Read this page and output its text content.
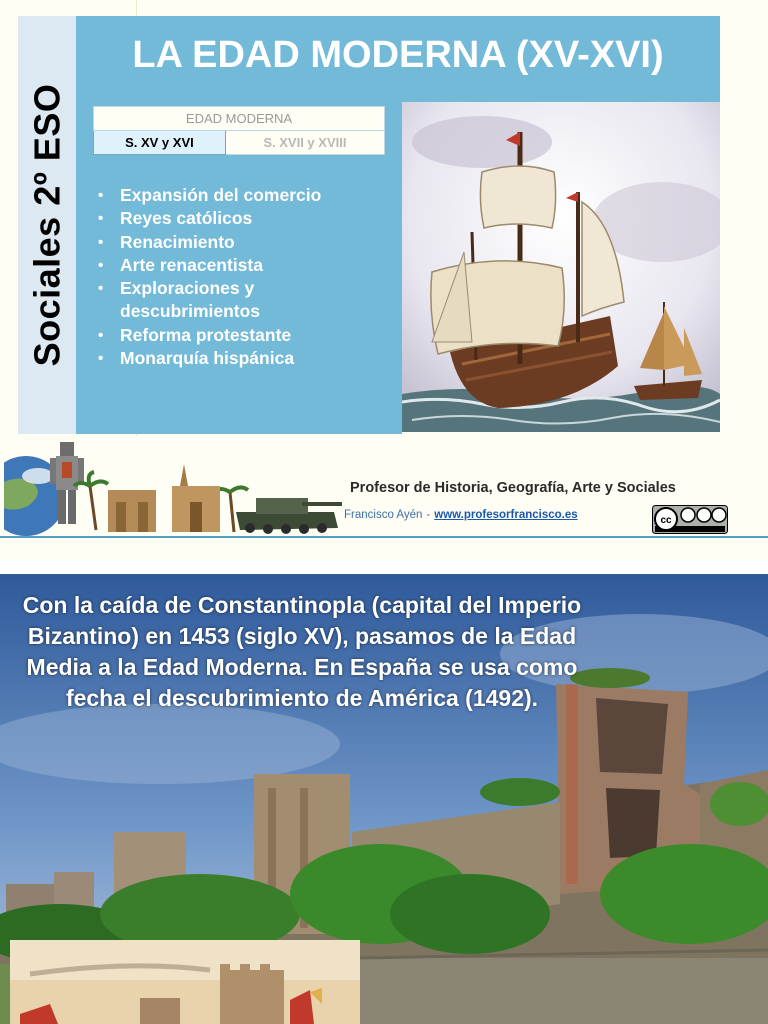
Sociales 2º ESO
LA EDAD MODERNA (XV-XVI)
EDAD MODERNA
S. XV y XVI	S. XVII y XVIII
• Expansión del comercio
• Reyes católicos
• Renacimiento
• Arte renacentista
• Exploraciones y descubrimientos
• Reforma protestante
• Monarquía hispánica
Profesor de Historia, Geografía, Arte y Sociales
Francisco Ayén - www.profesorfrancisco.es	cc
Con la caída de Constantinopla (capital del Imperio Bizantino) en 1453 (siglo XV), pasamos de la Edad Media a la Edad Moderna. En España se usa como fecha el descubrimiento de América (1492).
